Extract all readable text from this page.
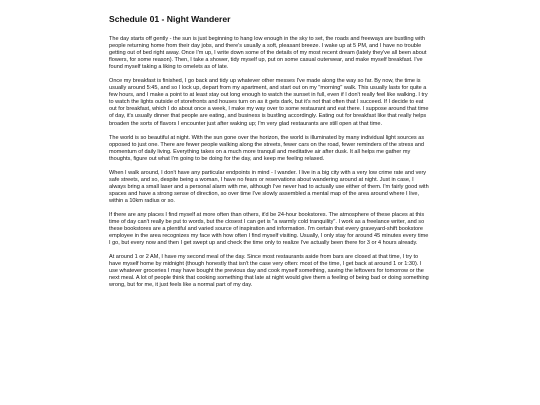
Schedule 01 - Night Wanderer

The day starts off gently - the sun is just beginning to hang low enough in the sky to set, the roads and freeways are bustling with people returning home from their day jobs, and there's usually a soft, pleasant breeze. I wake up at 5 PM, and I have no trouble getting out of bed right away. Once I'm up, I write down some of the details of my most recent dream (lately they've all been about flowers, for some reason). Then, I take a shower, tidy myself up, put on some casual outerwear, and make myself breakfast. I've found myself taking a liking to omelets as of late.

Once my breakfast is finished, I go back and tidy up whatever other messes I've made along the way so far. By now, the time is usually around 5:45, and so I lock up, depart from my apartment, and start out on my "morning" walk. This usually lasts for quite a few hours, and I make a point to at least stay out long enough to watch the sunset in full, even if I don't really feel like walking. I try to watch the lights outside of storefronts and houses turn on as it gets dark, but it's not that often that I succeed. If I decide to eat out for breakfast, which I do about once a week, I make my way over to some restaurant and eat there. I suppose around that time of day, it's usually dinner that people are eating, and business is bustling accordingly. Eating out for breakfast like that really helps broaden the sorts of flavors I encounter just after waking up; I'm very glad restaurants are still open at that time.

The world is so beautiful at night. With the sun gone over the horizon, the world is illuminated by many individual light sources as opposed to just one. There are fewer people walking along the streets, fewer cars on the road, fewer reminders of the stress and momentum of daily living. Everything takes on a much more tranquil and meditative air after dusk. It all helps me gather my thoughts, figure out what I'm going to be doing for the day, and keep me feeling relaxed.

When I walk around, I don't have any particular endpoints in mind - I wander. I live in a big city with a very low crime rate and very safe streets, and so, despite being a woman, I have no fears or reservations about wandering around at night. Just in case, I always bring a small laser and a personal alarm with me, although I've never had to actually use either of them. I'm fairly good with spaces and have a strong sense of direction, so over time I've slowly assembled a mental map of the area around where I live, within a 10km radius or so.

If there are any places I find myself at more often than others, it'd be 24-hour bookstores. The atmosphere of these places at this time of day can't really be put to words, but the closest I can get is "a warmly cold tranquility". I work as a freelance writer, and so these bookstores are a plentiful and varied source of inspiration and information. I'm certain that every graveyard-shift bookstore employee in the area recognizes my face with how often I find myself visiting. Usually, I only stay for around 45 minutes every time I go, but every now and then I get swept up and check the time only to realize I've actually been there for 3 or 4 hours already.

At around 1 or 2 AM, I have my second meal of the day. Since most restaurants aside from bars are closed at that time, I try to have myself home by midnight (though honestly that isn't the case very often: most of the time, I get back at around 1 or 1:30). I use whatever groceries I may have bought the previous day and cook myself something, saving the leftovers for tomorrow or the next meal. A lot of people think that cooking something that late at night would give them a feeling of being bad or doing something wrong, but for me, it just feels like a normal part of my day.
